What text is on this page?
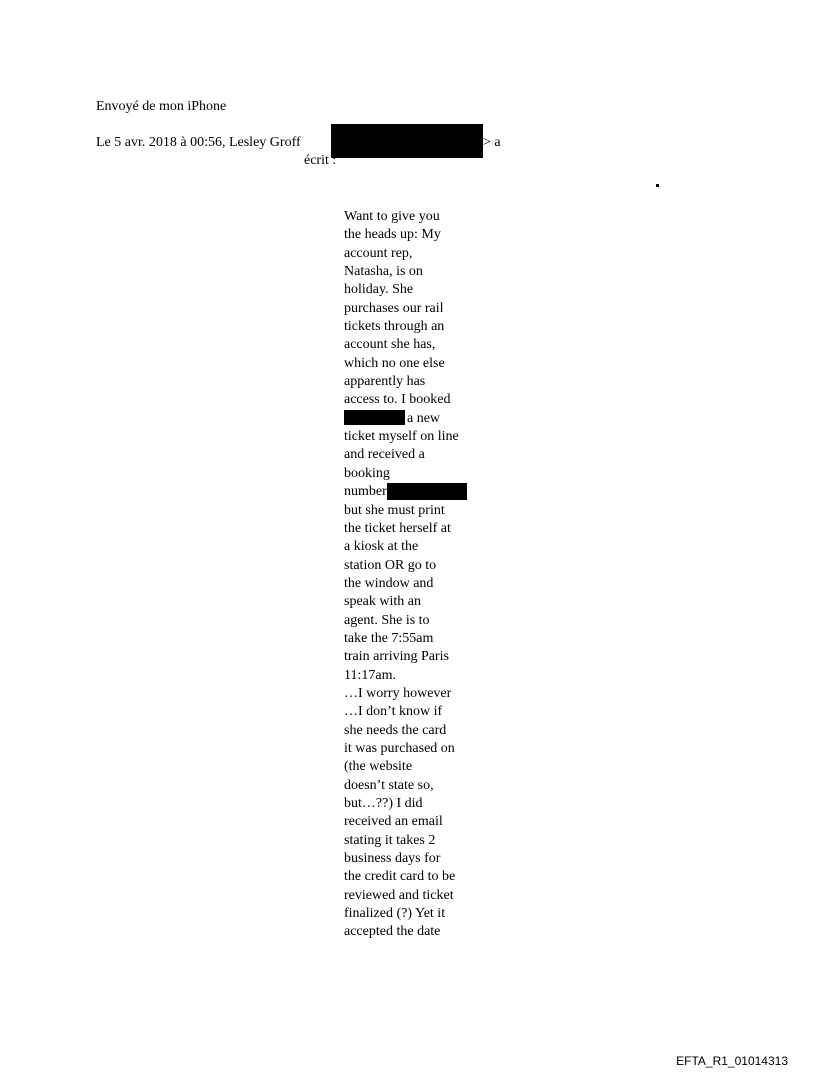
Envoyé de mon iPhone
Le 5 avr. 2018 à 00:56, Lesley Groff	> a
écrit :
Want to give you
the heads up: My
account rep,
Natasha, is on
holiday. She
purchases our rail
tickets through an
account she has,
which no one else
apparently has
access to. I booked
a new
ticket myself on line
and received a
booking
number
but she must print
the ticket herself at
a kiosk at the
station OR go to
the window and
speak with an
agent. She is to
take the 7:55am
train arriving Paris
11:17am.
…I worry however
…I don’t know if
she needs the card
it was purchased on
(the website
doesn’t state so,
but…??) I did
received an email
stating it takes 2
business days for
the credit card to be
reviewed and ticket
finalized (?) Yet it
accepted the date
EFTA_R1_01014313
